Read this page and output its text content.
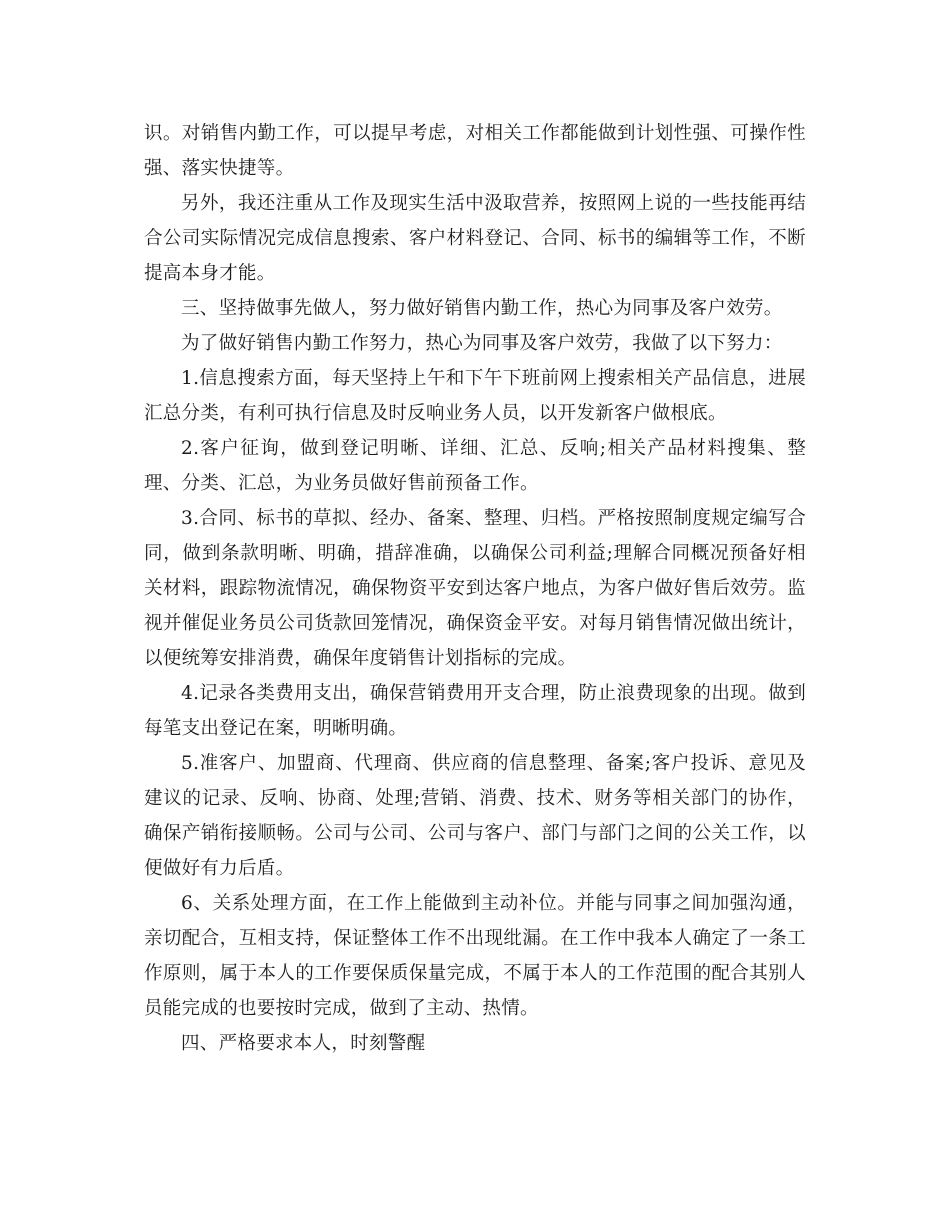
识。对销售内勤工作，可以提早考虑，对相关工作都能做到计划性强、可操作性强、落实快捷等。

另外，我还注重从工作及现实生活中汲取营养，按照网上说的一些技能再结合公司实际情况完成信息搜索、客户材料登记、合同、标书的编辑等工作，不断提高本身才能。

三、坚持做事先做人，努力做好销售内勤工作，热心为同事及客户效劳。

为了做好销售内勤工作努力，热心为同事及客户效劳，我做了以下努力：

1.信息搜索方面，每天坚持上午和下午下班前网上搜索相关产品信息，进展汇总分类，有利可执行信息及时反响业务人员，以开发新客户做根底。

2.客户征询，做到登记明晰、详细、汇总、反响;相关产品材料搜集、整理、分类、汇总，为业务员做好售前预备工作。

3.合同、标书的草拟、经办、备案、整理、归档。严格按照制度规定编写合同，做到条款明晰、明确，措辞准确，以确保公司利益;理解合同概况预备好相关材料，跟踪物流情况，确保物资平安到达客户地点，为客户做好售后效劳。监视并催促业务员公司货款回笼情况，确保资金平安。对每月销售情况做出统计，以便统筹安排消费，确保年度销售计划指标的完成。

4.记录各类费用支出，确保营销费用开支合理，防止浪费现象的出现。做到每笔支出登记在案，明晰明确。

5.准客户、加盟商、代理商、供应商的信息整理、备案;客户投诉、意见及建议的记录、反响、协商、处理;营销、消费、技术、财务等相关部门的协作，确保产销衔接顺畅。公司与公司、公司与客户、部门与部门之间的公关工作，以便做好有力后盾。

6、关系处理方面，在工作上能做到主动补位。并能与同事之间加强沟通，亲切配合，互相支持，保证整体工作不出现纰漏。在工作中我本人确定了一条工作原则，属于本人的工作要保质保量完成，不属于本人的工作范围的配合其别人员能完成的也要按时完成，做到了主动、热情。

四、严格要求本人，时刻警醒
